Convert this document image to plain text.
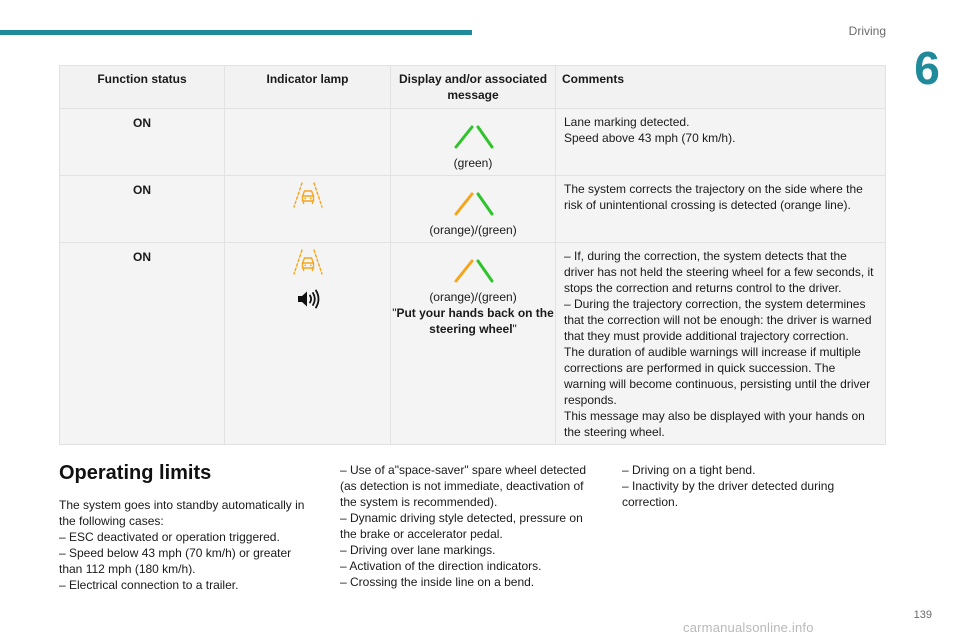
Driving
6
Function status	Indicator lamp	Display and/or associated message	Comments
ON		(green)	Lane marking detected.
Speed above 43 mph (70 km/h).

ON		(orange)/(green)	The system corrects the trajectory on the side where the risk of unintentional crossing is detected (orange line).

ON		(orange)/(green)
"Put your hands back on the steering wheel"	– If, during the correction, the system detects that the driver has not held the steering wheel for a few seconds, it stops the correction and returns control to the driver.
– During the trajectory correction, the system determines that the correction will not be enough: the driver is warned that they must provide additional trajectory correction.
The duration of audible warnings will increase if multiple corrections are performed in quick succession. The warning will become continuous, persisting until the driver responds.
This message may also be displayed with your hands on the steering wheel.
Operating limits

The system goes into standby automatically in the following cases:

– ESC deactivated or operation triggered.

– Speed below 43 mph (70 km/h) or greater than 112 mph (180 km/h).

– Electrical connection to a trailer.

– Use of a"space-saver" spare wheel detected (as detection is not immediate, deactivation of the system is recommended).

– Dynamic driving style detected, pressure on the brake or accelerator pedal.

– Driving over lane markings.

– Activation of the direction indicators.

– Crossing the inside line on a bend.

– Driving on a tight bend.

– Inactivity by the driver detected during correction.

139
carmanualsonline.info
